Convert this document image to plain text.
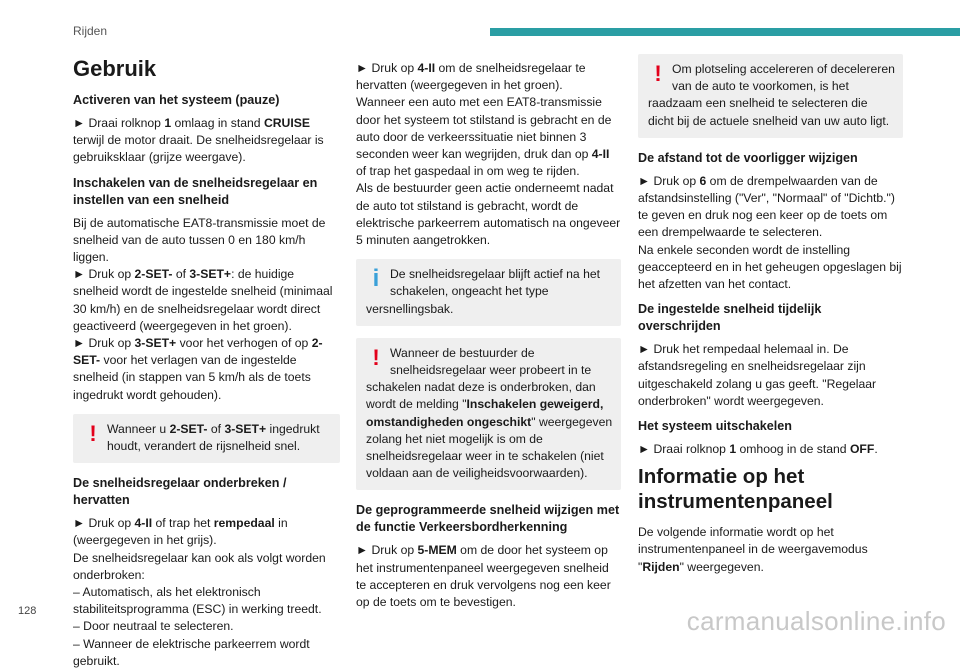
Rijden
Gebruik
Activeren van het systeem (pauze)

► Draai rolknop 1 omlaag in stand CRUISE terwijl de motor draait. De snelheidsregelaar is gebruiksklaar (grijze weergave).

Inschakelen van de snelheidsregelaar en instellen van een snelheid

Bij de automatische EAT8-transmissie moet de snelheid van de auto tussen 0 en 180 km/h liggen.

► Druk op 2-SET- of 3-SET+: de huidige snelheid wordt de ingestelde snelheid (minimaal 30 km/h) en de snelheidsregelaar wordt direct geactiveerd (weergegeven in het groen).

► Druk op 3-SET+ voor het verhogen of op 2-SET- voor het verlagen van de ingestelde snelheid (in stappen van 5 km/h als de toets ingedrukt wordt gehouden).

! Wanneer u 2-SET- of 3-SET+ ingedrukt houdt, verandert de rijsnelheid snel.
De snelheidsregelaar onderbreken / hervatten

► Druk op 4-II of trap het rempedaal in (weergegeven in het grijs).

De snelheidsregelaar kan ook als volgt worden onderbroken:

– Automatisch, als het elektronisch stabiliteitsprogramma (ESC) in werking treedt.
– Door neutraal te selecteren.
– Wanneer de elektrische parkeerrem wordt gebruikt.

► Druk op 4-II om de snelheidsregelaar te hervatten (weergegeven in het groen).

Wanneer een auto met een EAT8-transmissie door het systeem tot stilstand is gebracht en de auto door de verkeerssituatie niet binnen 3 seconden weer kan wegrijden, druk dan op 4-II of trap het gaspedaal in om weg te rijden.

Als de bestuurder geen actie onderneemt nadat de auto tot stilstand is gebracht, wordt de elektrische parkeerrem automatisch na ongeveer 5 minuten aangetrokken.

i De snelheidsregelaar blijft actief na het schakelen, ongeacht het type versnellingsbak.
! Wanneer de bestuurder de snelheidsregelaar weer probeert in te schakelen nadat deze is onderbroken, dan wordt de melding "Inschakelen geweigerd, omstandigheden ongeschikt" weergegeven zolang het niet mogelijk is om de snelheidsregelaar weer in te schakelen (niet voldaan aan de veiligheidsvoorwaarden).
De geprogrammeerde snelheid wijzigen met de functie Verkeersbordherkenning

► Druk op 5-MEM om de door het systeem op het instrumentenpaneel weergegeven snelheid te accepteren en druk vervolgens nog een keer op de toets om te bevestigen.

! Om plotseling accelereren of decelereren van de auto te voorkomen, is het raadzaam een snelheid te selecteren die dicht bij de actuele snelheid van uw auto ligt.
De afstand tot de voorligger wijzigen

► Druk op 6 om de drempelwaarden van de afstandsinstelling ("Ver", "Normaal" of "Dichtb.") te geven en druk nog een keer op de toets om een drempelwaarde te selecteren.

Na enkele seconden wordt de instelling geaccepteerd en in het geheugen opgeslagen bij het afzetten van het contact.

De ingestelde snelheid tijdelijk overschrijden

► Druk het rempedaal helemaal in. De afstandsregeling en snelheidsregelaar zijn uitgeschakeld zolang u gas geeft. "Regelaar onderbroken" wordt weergegeven.

Het systeem uitschakelen

► Draai rolknop 1 omhoog in de stand OFF.

Informatie op het instrumentenpaneel

De volgende informatie wordt op het instrumentenpaneel in de weergavemodus "Rijden" weergegeven.

128	carmanualsonline.info
